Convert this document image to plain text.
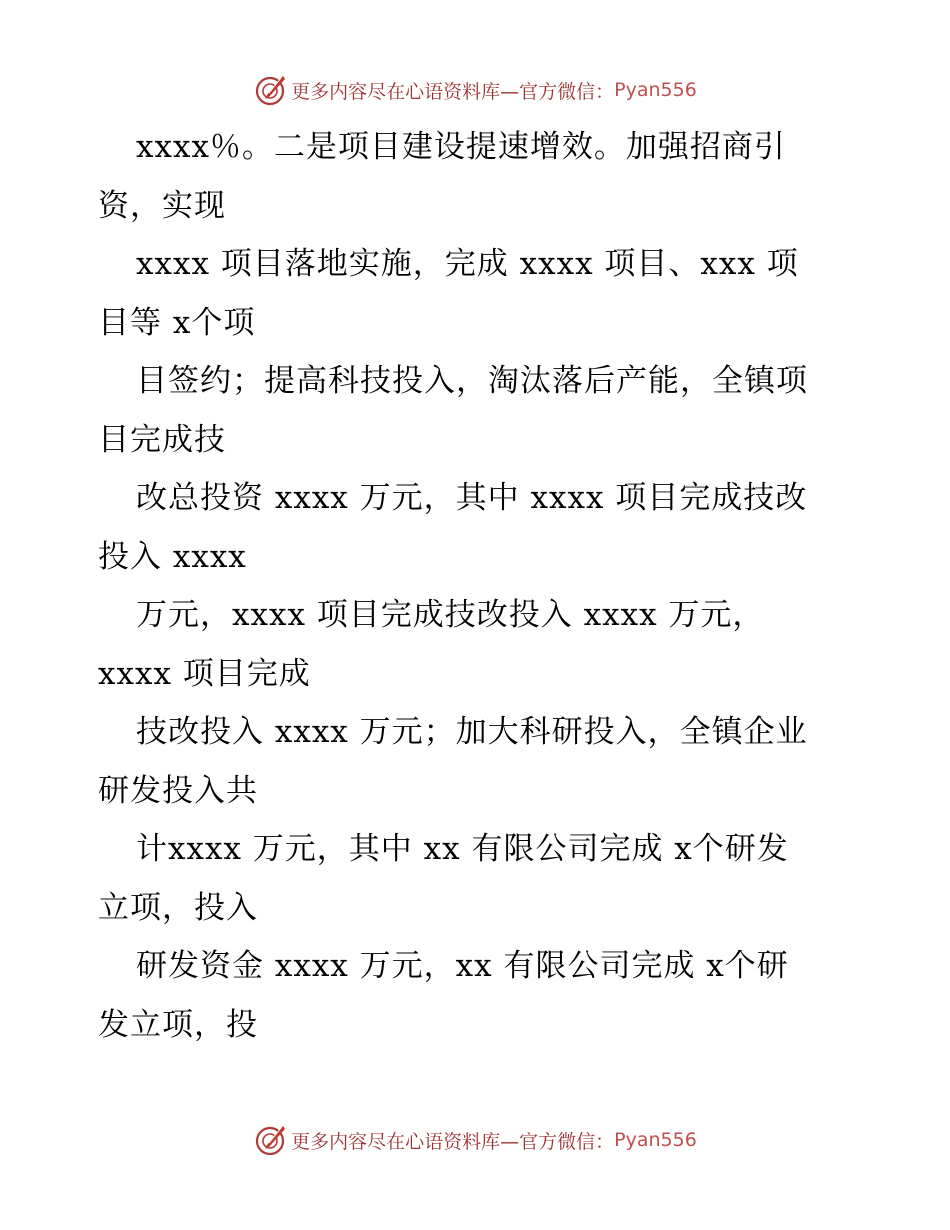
更多内容尽在心语资料库—官方微信： Pyan556
xxxx％。二是项目建设提速增效。加强招商引
资，实现
xxxx 项目落地实施，完成 xxxx 项目、xxx 项
目等 x个项
目签约；提高科技投入，淘汰落后产能，全镇项
目完成技
改总投资 xxxx 万元，其中 xxxx 项目完成技改
投入 xxxx
万元，xxxx 项目完成技改投入 xxxx 万元，
xxxx 项目完成
技改投入 xxxx 万元；加大科研投入，全镇企业
研发投入共
计xxxx 万元，其中 xx 有限公司完成 x个研发
立项，投入
研发资金 xxxx 万元，xx 有限公司完成 x个研
发立项，投
更多内容尽在心语资料库—官方微信： Pyan556
